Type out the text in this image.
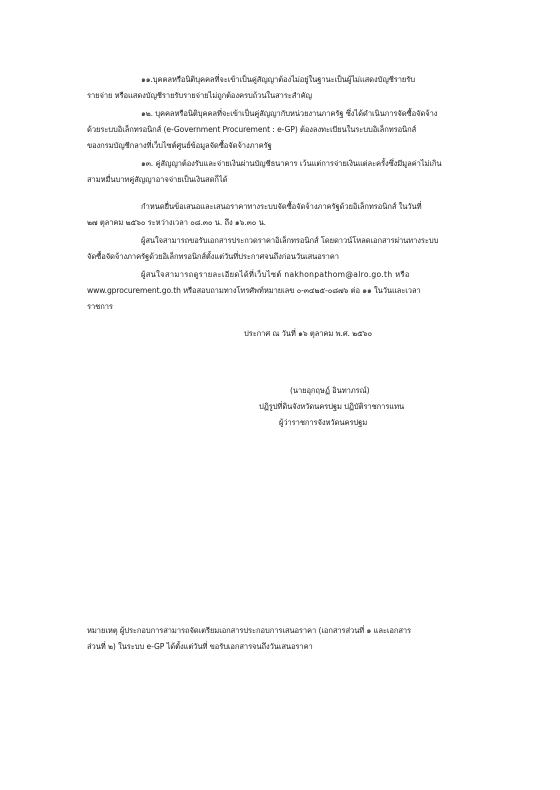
๑๑.บุคคลหรือนิติบุคคลที่จะเข้าเป็นคู่สัญญาต้องไม่อยู่ในฐานะเป็นผู้ไม่แสดงบัญชีรายรับ
รายจ่าย หรือแสดงบัญชีรายรับรายจ่ายไม่ถูกต้องครบถ้วนในสาระสำคัญ
๑๒. บุคคลหรือนิติบุคคลที่จะเข้าเป็นคู่สัญญากับหน่วยงานภาครัฐ ซึ่งได้ดำเนินการจัดซื้อจัดจ้าง
ด้วยระบบอิเล็กทรอนิกส์ (e-Government Procurement : e-GP) ต้องลงทะเบียนในระบบอิเล็กทรอนิกส์
ของกรมบัญชีกลางที่เว็บไซต์ศูนย์ข้อมูลจัดซื้อจัดจ้างภาครัฐ
๑๓. คู่สัญญาต้องรับและจ่ายเงินผ่านบัญชีธนาคาร เว้นแต่การจ่ายเงินแต่ละครั้งซึ่งมีมูลค่าไม่เกิน
สามหมื่นบาทคู่สัญญาอาจจ่ายเป็นเงินสดก็ได้
กำหนดยื่นข้อเสนอและเสนอราคาทางระบบจัดซื้อจัดจ้างภาครัฐด้วยอิเล็กทรอนิกส์ ในวันที่
๒๗ ตุลาคม ๒๕๖๐ ระหว่างเวลา ๐๘.๓๐ น. ถึง ๑๖.๓๐ น.
ผู้สนใจสามารถขอรับเอกสารประกวดราคาอิเล็กทรอนิกส์ โดยดาวน์โหลดเอกสารผ่านทางระบบ
จัดซื้อจัดจ้างภาครัฐด้วยอิเล็กทรอนิกส์ตั้งแต่วันที่ประกาศจนถึงก่อนวันเสนอราคา
ผู้สนใจสามารถดูรายละเอียดได้ที่เว็บไซต์ nakhonpathom@alro.go.th หรือ
www.gprocurement.go.th หรือสอบถามทางโทรศัพท์หมายเลข ๐-๓๔๒๕-๐๘๗๖ ต่อ ๑๑ ในวันและเวลา
ราชการ
ประกาศ ณ วันที่ ๑๖ ตุลาคม พ.ศ. ๒๕๖๐
(นายอุกฤษฏ์ อินทาภรณ์)
ปฏิรูปที่ดินจังหวัดนครปฐม ปฏิบัติราชการแทน
ผู้ว่าราชการจังหวัดนครปฐม
หมายเหตุ ผู้ประกอบการสามารถจัดเตรียมเอกสารประกอบการเสนอราคา (เอกสารส่วนที่ ๑ และเอกสาร
ส่วนที่ ๒) ในระบบ e-GP ได้ตั้งแต่วันที่ ขอรับเอกสารจนถึงวันเสนอราคา
